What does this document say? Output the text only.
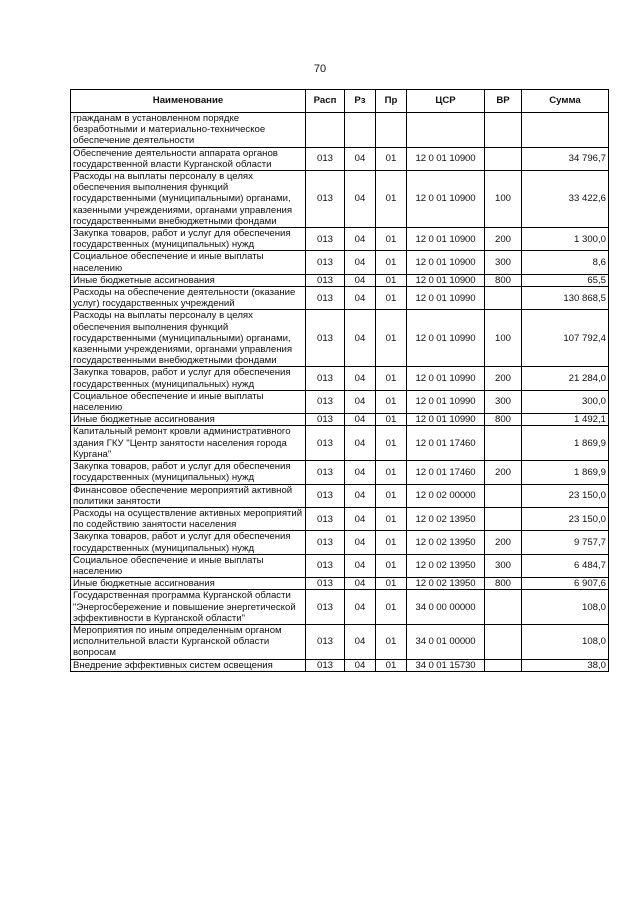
70
Наименование	Расп	Рз	Пр	ЦСР	ВР	Сумма
гражданам в установленном порядке безработными и материально-техническое обеспечение деятельности						
Обеспечение деятельности аппарата органов государственной власти Курганской области	013	04	01	12 0 01 10900		34 796,7
Расходы на выплаты персоналу в целях обеспечения выполнения функций государственными (муниципальными) органами, казенными учреждениями, органами управления государственными внебюджетными фондами	013	04	01	12 0 01 10900	100	33 422,6
Закупка товаров, работ и услуг для обеспечения государственных (муниципальных) нужд	013	04	01	12 0 01 10900	200	1 300,0
Социальное обеспечение и иные выплаты населению	013	04	01	12 0 01 10900	300	8,6
Иные бюджетные ассигнования	013	04	01	12 0 01 10900	800	65,5
Расходы на обеспечение деятельности (оказание услуг) государственных учреждений	013	04	01	12 0 01 10990		130 868,5
Расходы на выплаты персоналу в целях обеспечения выполнения функций государственными (муниципальными) органами, казенными учреждениями, органами управления государственными внебюджетными фондами	013	04	01	12 0 01 10990	100	107 792,4
Закупка товаров, работ и услуг для обеспечения государственных (муниципальных) нужд	013	04	01	12 0 01 10990	200	21 284,0
Социальное обеспечение и иные выплаты населению	013	04	01	12 0 01 10990	300	300,0
Иные бюджетные ассигнования	013	04	01	12 0 01 10990	800	1 492,1
Капитальный ремонт кровли административного здания ГКУ "Центр занятости населения города Кургана"	013	04	01	12 0 01 17460		1 869,9
Закупка товаров, работ и услуг для обеспечения государственных (муниципальных) нужд	013	04	01	12 0 01 17460	200	1 869,9
Финансовое обеспечение мероприятий активной политики занятости	013	04	01	12 0 02 00000		23 150,0
Расходы на осуществление активных мероприятий по содействию занятости населения	013	04	01	12 0 02 13950		23 150,0
Закупка товаров, работ и услуг для обеспечения государственных (муниципальных) нужд	013	04	01	12 0 02 13950	200	9 757,7
Социальное обеспечение и иные выплаты населению	013	04	01	12 0 02 13950	300	6 484,7
Иные бюджетные ассигнования	013	04	01	12 0 02 13950	800	6 907,6
Государственная программа Курганской области "Энергосбережение и повышение энергетической эффективности в Курганской области"	013	04	01	34 0 00 00000		108,0
Мероприятия по иным определенным органом исполнительной власти Курганской области вопросам	013	04	01	34 0 01 00000		108,0
Внедрение эффективных систем освещения	013	04	01	34 0 01 15730		38,0
